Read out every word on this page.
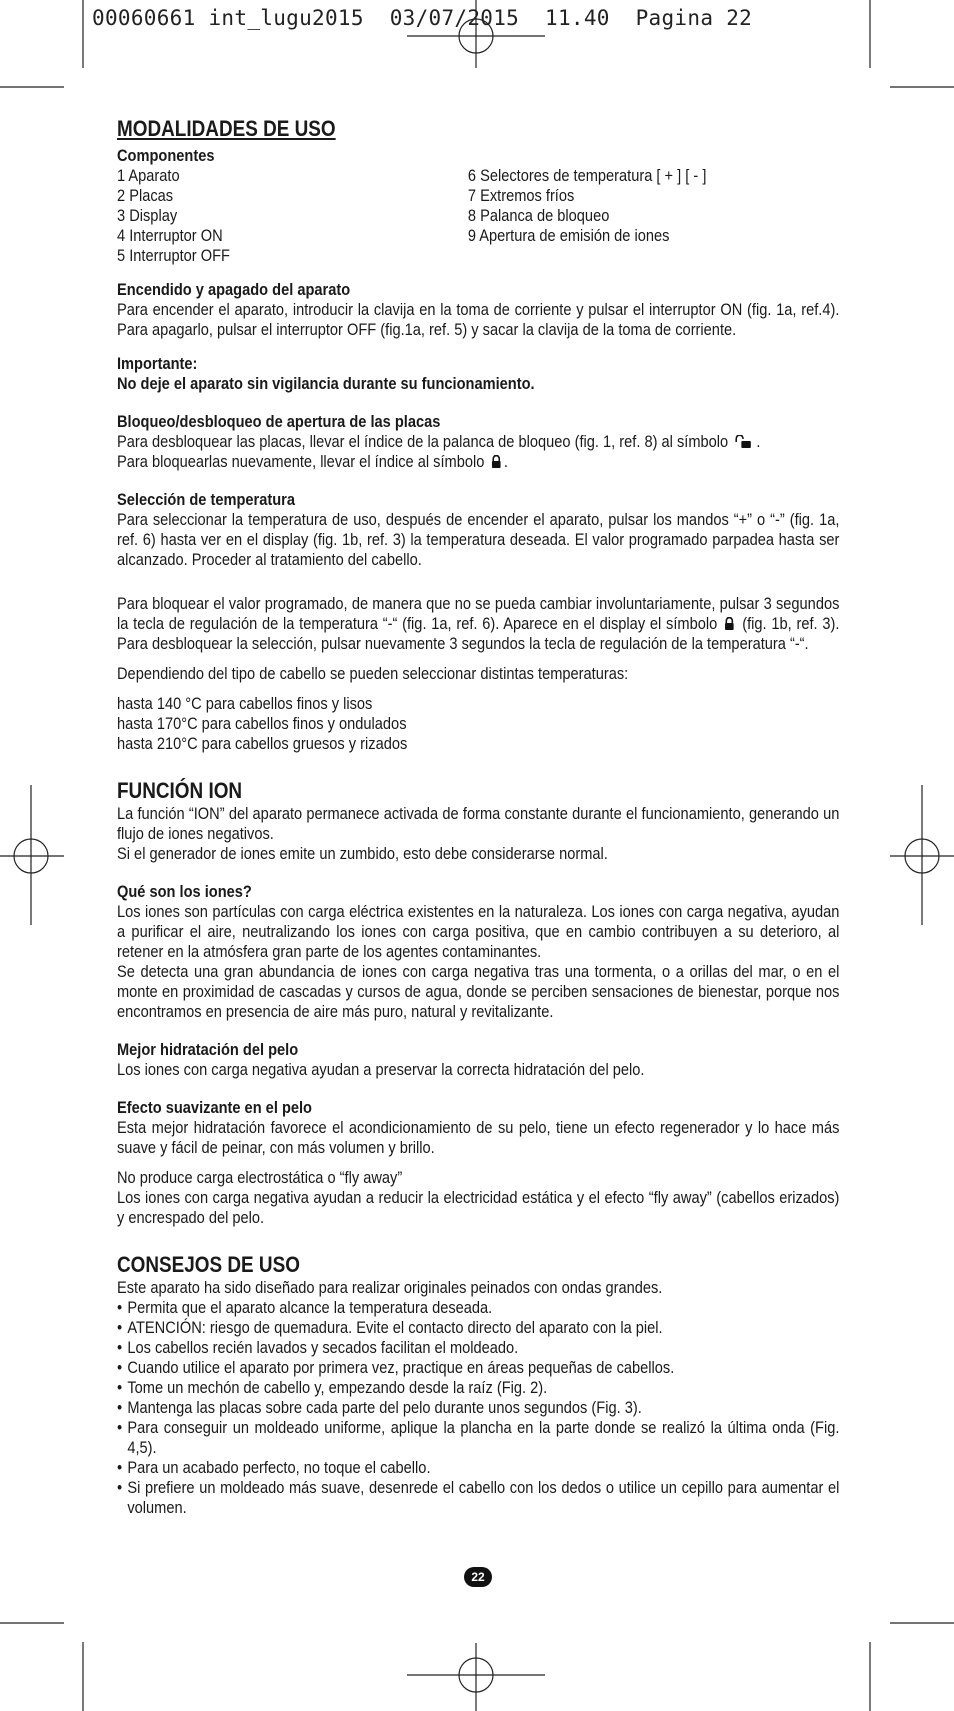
00060661 int_lugu2015  03/07/2015  11.40  Pagina 22
MODALIDADES DE USO
Componentes
1 Aparato
2 Placas
3 Display
4 Interruptor ON
5 Interruptor OFF
6 Selectores de temperatura [ + ] [ - ]
7 Extremos fríos
8 Palanca de bloqueo
9 Apertura de emisión de iones
Encendido y apagado del aparato

Para encender el aparato, introducir la clavija en la toma de corriente y pulsar el interruptor ON (fig. 1a, ref.4). Para apagarlo, pulsar el interruptor OFF (fig.1a, ref. 5) y sacar la clavija de la toma de corriente.

Importante:

No deje el aparato sin vigilancia durante su funcionamiento.

Bloqueo/desbloqueo de apertura de las placas

Para desbloquear las placas, llevar el índice de la palanca de bloqueo (fig. 1, ref. 8) al símbolo .

Para bloquearlas nuevamente, llevar el índice al símbolo .

Selección de temperatura

Para seleccionar la temperatura de uso, después de encender el aparato, pulsar los mandos “+” o “-” (fig. 1a, ref. 6) hasta ver en el display (fig. 1b, ref. 3) la temperatura deseada. El valor programado parpadea hasta ser alcanzado. Proceder al tratamiento del cabello.

Para bloquear el valor programado, de manera que no se pueda cambiar involuntariamente, pulsar 3 segundos la tecla de regulación de la temperatura “-“ (fig. 1a, ref. 6). Aparece en el display el símbolo (fig. 1b, ref. 3). Para desbloquear la selección, pulsar nuevamente 3 segundos la tecla de regulación de la temperatura “-“.

Dependiendo del tipo de cabello se pueden seleccionar distintas temperaturas:

hasta 140 °C para cabellos finos y lisos
hasta 170°C para cabellos finos y ondulados
hasta 210°C para cabellos gruesos y rizados
FUNCIÓN ION

La función “ION” del aparato permanece activada de forma constante durante el funcionamiento, generando un flujo de iones negativos.

Si el generador de iones emite un zumbido, esto debe considerarse normal.

Qué son los iones?

Los iones son partículas con carga eléctrica existentes en la naturaleza. Los iones con carga negativa, ayudan a purificar el aire, neutralizando los iones con carga positiva, que en cambio contribuyen a su deterioro, al retener en la atmósfera gran parte de los agentes contaminantes.

Se detecta una gran abundancia de iones con carga negativa tras una tormenta, o a orillas del mar, o en el monte en proximidad de cascadas y cursos de agua, donde se perciben sensaciones de bienestar, porque nos encontramos en presencia de aire más puro, natural y revitalizante.

Mejor hidratación del pelo

Los iones con carga negativa ayudan a preservar la correcta hidratación del pelo.

Efecto suavizante en el pelo

Esta mejor hidratación favorece el acondicionamiento de su pelo, tiene un efecto regenerador y lo hace más suave y fácil de peinar, con más volumen y brillo.

No produce carga electrostática o “fly away”

Los iones con carga negativa ayudan a reducir la electricidad estática y el efecto “fly away” (cabellos erizados) y encrespado del pelo.

CONSEJOS DE USO

Este aparato ha sido diseñado para realizar originales peinados con ondas grandes.

• Permita que el aparato alcance la temperatura deseada.
• ATENCIÓN: riesgo de quemadura. Evite el contacto directo del aparato con la piel.
• Los cabellos recién lavados y secados facilitan el moldeado.
• Cuando utilice el aparato por primera vez, practique en áreas pequeñas de cabellos.
• Tome un mechón de cabello y, empezando desde la raíz (Fig. 2).
• Mantenga las placas sobre cada parte del pelo durante unos segundos (Fig. 3).
• Para conseguir un moldeado uniforme, aplique la plancha en la parte donde se realizó la última onda (Fig. 4,5).
• Para un acabado perfecto, no toque el cabello.
• Si prefiere un moldeado más suave, desenrede el cabello con los dedos o utilice un cepillo para aumentar el volumen.
22
